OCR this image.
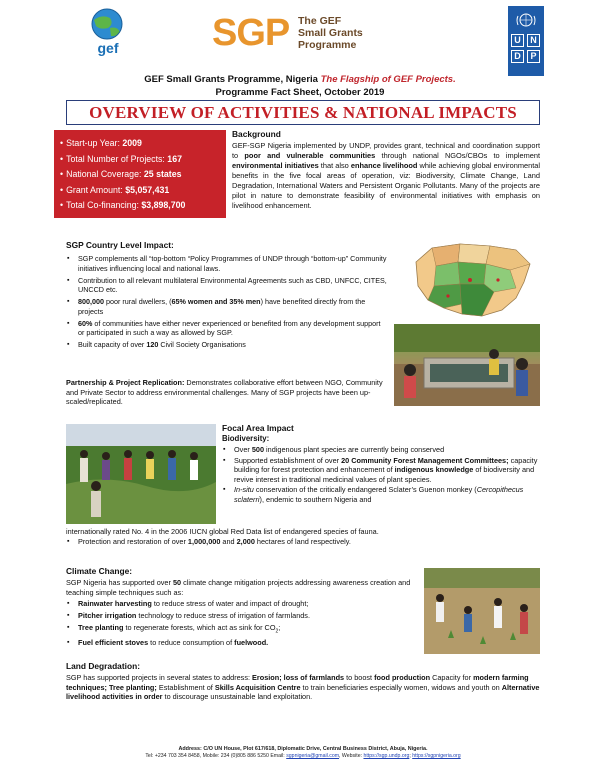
gef SGP The GEF
Small Grants
Programme	U	N
D	P
GEF Small Grants Programme, Nigeria The Flagship of GEF Projects.
Programme Fact Sheet, October 2019
OVERVIEW OF ACTIVITIES & NATIONAL IMPACTS
• Start-up Year: 2009
• Total Number of Projects: 167
• National Coverage: 25 states
• Grant Amount: $5,057,431
• Total Co-financing: $3,898,700
Background

GEF-SGP Nigeria implemented by UNDP, provides grant, technical and coordination support to poor and vulnerable communities through national NGOs/CBOs to implement environmental initiatives that also enhance livelihood while achieving global environmental benefits in the five focal areas of operation, viz: Biodiversity, Climate Change, Land Degradation, International Waters and Persistent Organic Pollutants. Many of the projects are pilot in nature to demonstrate feasibility of environmental initiatives with emphasis on livelihood enhancement.

SGP Country Level Impact:
▪ SGP complements all “top-bottom “Policy Programmes of UNDP through “bottom-up” Community initiatives influencing local and national laws.
▪ Contribution to all relevant multilateral Environmental Agreements such as CBD, UNFCC, CITES, UNCCD etc.
▪ 800,000 poor rural dwellers, (65% women and 35% men) have benefited directly from the projects
▪ 60% of communities have either never experienced or benefited from any development support or participated in such a way as allowed by SGP.
▪ Built capacity of over 120 Civil Society Organisations

Partnership & Project Replication: Demonstrates collaborative effort between NGO, Community and Private Sector to address environmental challenges. Many of SGP projects have been up-scaled/replicated.

Focal Area Impact
Biodiversity:
▪ Over 500 indigenous plant species are currently being conserved
▪ Supported establishment of over 20 Community Forest Management Committees; capacity building for forest protection and enhancement of indigenous knowledge of biodiversity and revive interest in traditional medicinal values of plant species.
▪ In-situ conservation of the critically endangered Sclater’s Guenon monkey (Cercopithecus sclaterri), endemic to southern Nigeria and

internationally rated No. 4 in the 2006 IUCN global Red Data list of endangered species of fauna.

▪ Protection and restoration of over 1,000,000 and 2,000 hectares of land respectively.
Climate Change:

SGP Nigeria has supported over 50 climate change mitigation projects addressing awareness creation and teaching simple techniques such as:

▪ Rainwater harvesting to reduce stress of water and impact of drought;
▪ Pitcher irrigation technology to reduce stress of irrigation of farmlands.
▪ Tree planting to regenerate forests, which act as sink for $CO_2$;
▪ Fuel efficient stoves to reduce consumption of fuelwood.
Land Degradation:

SGP has supported projects in several states to address: Erosion; loss of farmlands to boost food production Capacity for modern farming techniques; Tree planting; Establishment of Skills Acquisition Centre to train beneficiaries especially women, widows and youth on Alternative livelihood activities in order to discourage unsustainable land exploitation.

Address: C/O UN House, Plot 617/618, Diplomatic Drive, Central Business District, Abuja, Nigeria.
Tel: +234 703 354 8458, Mobile: 234 (0)805 886 5250 Email: sgpnigeria@gmail.com, Website: https://sgp.undp.org; https://sgpnigeria.org
